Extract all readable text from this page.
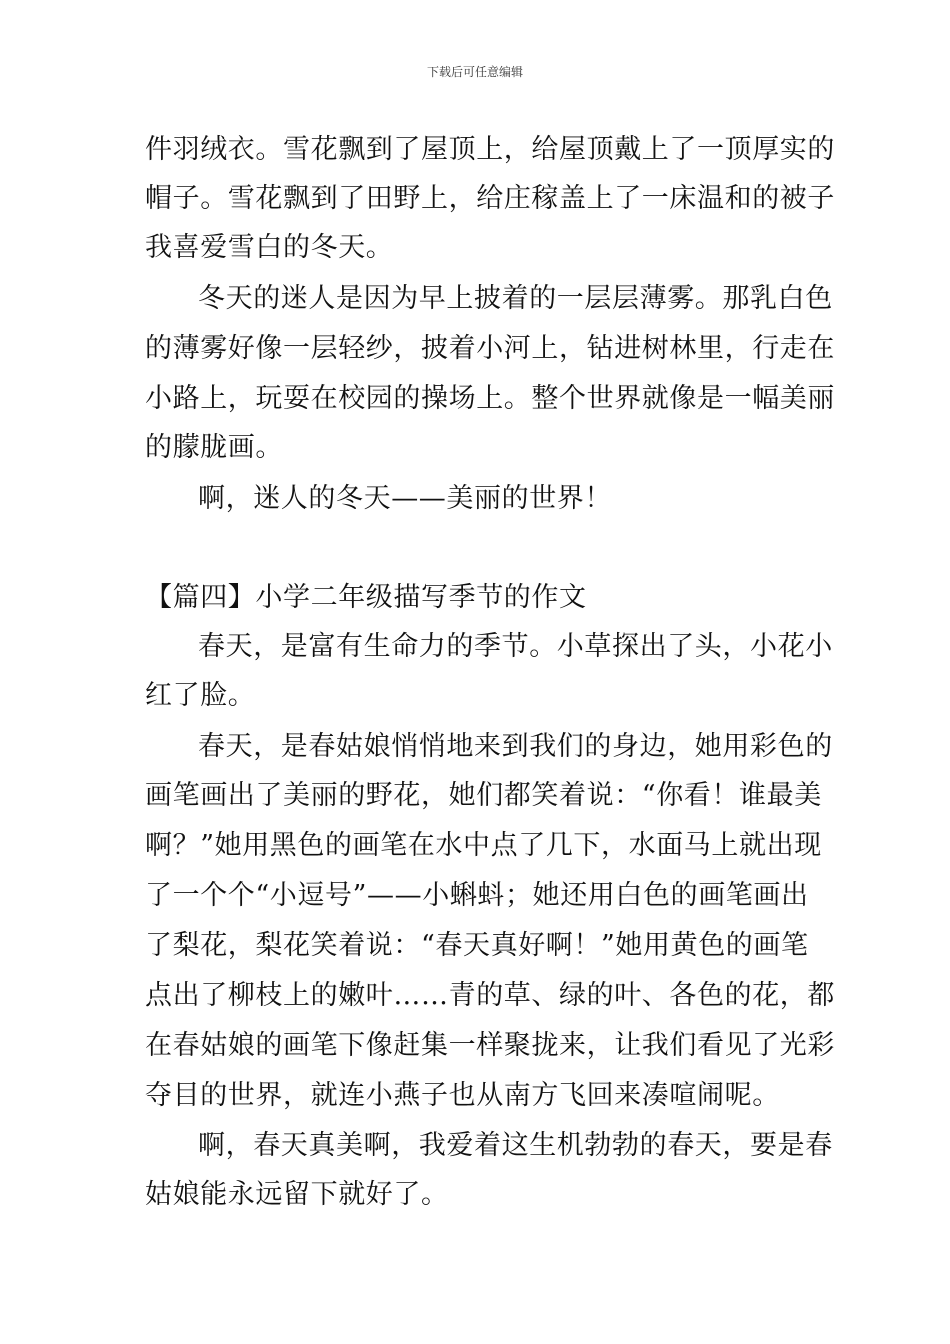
下载后可任意编辑
件羽绒衣。雪花飘到了屋顶上，给屋顶戴上了一顶厚实的
帽子。雪花飘到了田野上，给庄稼盖上了一床温和的被子
我喜爱雪白的冬天。
冬天的迷人是因为早上披着的一层层薄雾。那乳白色
的薄雾好像一层轻纱，披着小河上，钻进树林里，行走在
小路上，玩耍在校园的操场上。整个世界就像是一幅美丽
的朦胧画。
啊，迷人的冬天——美丽的世界！
【篇四】小学二年级描写季节的作文
春天，是富有生命力的季节。小草探出了头，小花小
红了脸。
春天，是春姑娘悄悄地来到我们的身边，她用彩色的
画笔画出了美丽的野花，她们都笑着说：“你看！谁最美
啊？”她用黑色的画笔在水中点了几下，水面马上就出现
了一个个“小逗号”——小蝌蚪；她还用白色的画笔画出
了梨花，梨花笑着说：“春天真好啊！”她用黄色的画笔
点出了柳枝上的嫩叶……青的草、绿的叶、各色的花，都
在春姑娘的画笔下像赶集一样聚拢来，让我们看见了光彩
夺目的世界，就连小燕子也从南方飞回来凑喧闹呢。
啊，春天真美啊，我爱着这生机勃勃的春天，要是春
姑娘能永远留下就好了。
